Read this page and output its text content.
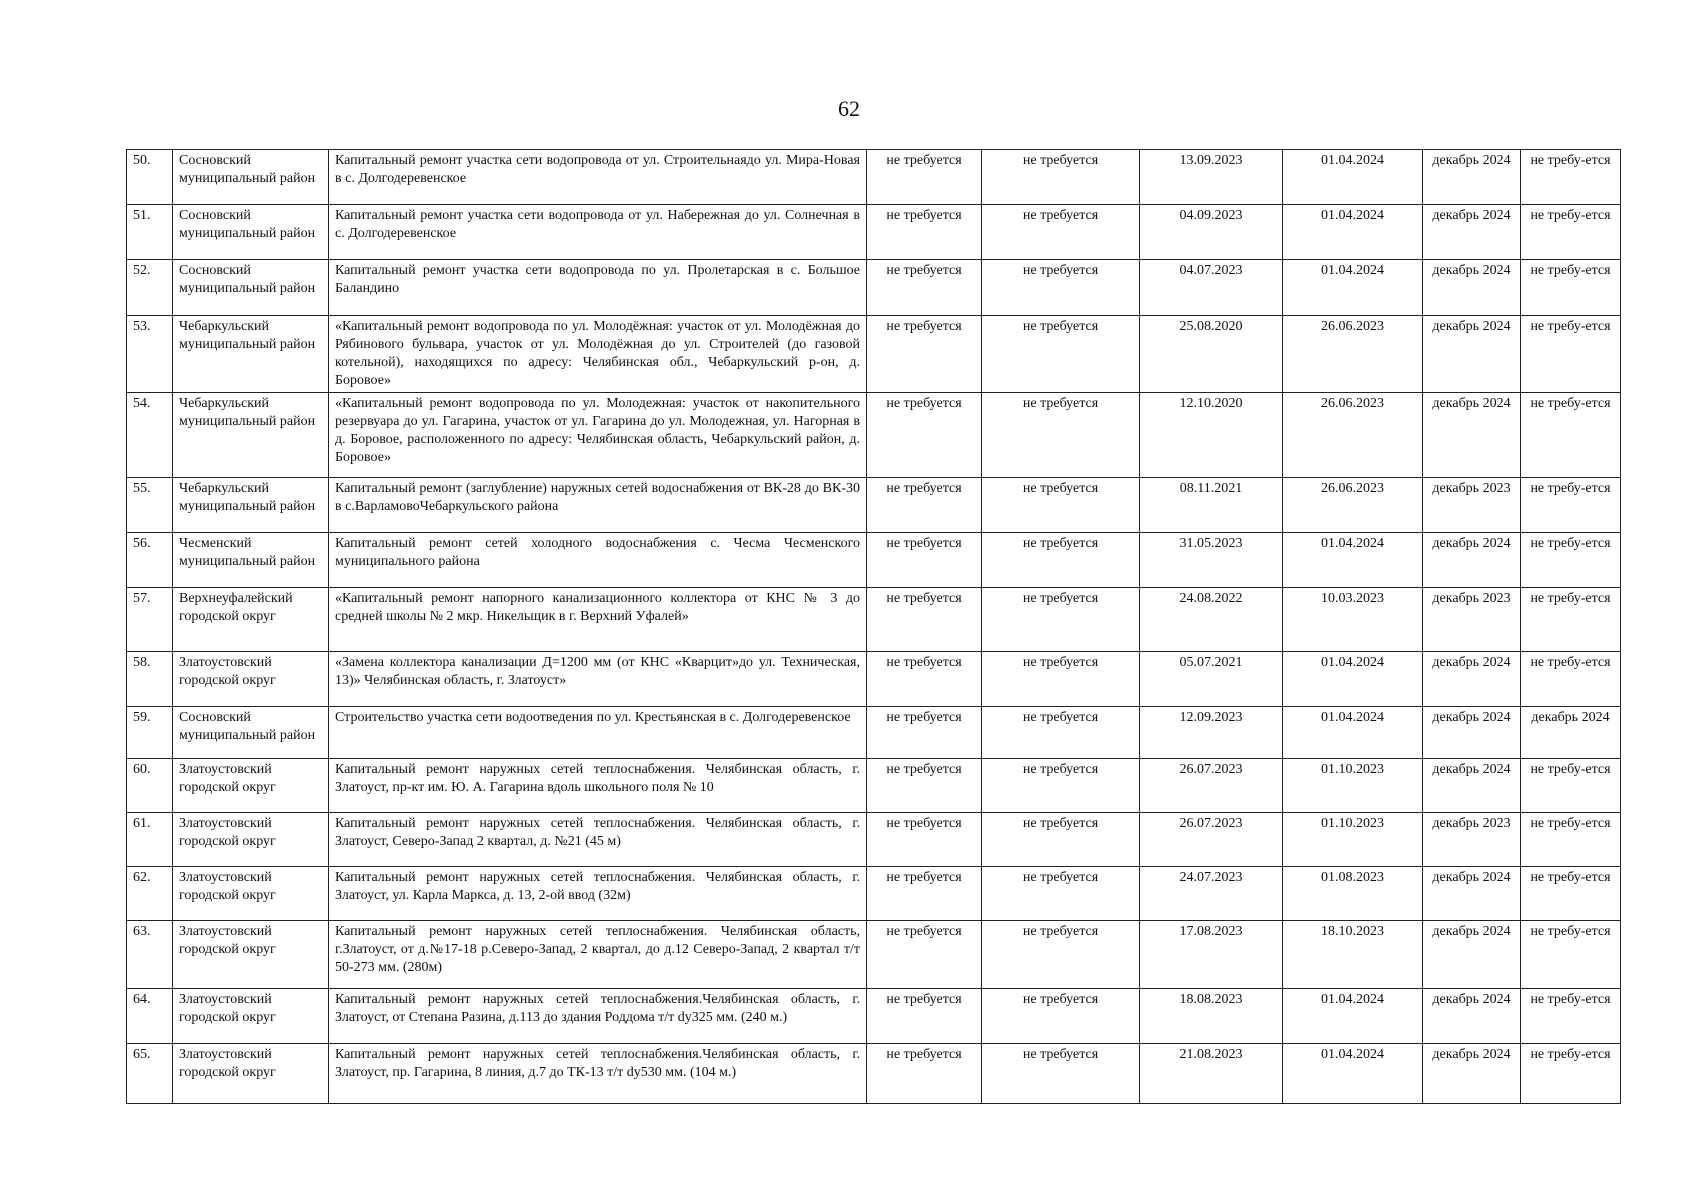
62
50.	Сосновский муниципальный район	Капитальный ремонт участка сети водопровода от ул. Строительнаядо ул. Мира-Новая в с. Долгодеревенское	не требуется	не требуется	13.09.2023	01.04.2024	декабрь 2024	не требу-ется
51.	Сосновский муниципальный район	Капитальный ремонт участка сети водопровода от ул. Набережная до ул. Солнечная в с. Долгодеревенское	не требуется	не требуется	04.09.2023	01.04.2024	декабрь 2024	не требу-ется
52.	Сосновский муниципальный район	Капитальный ремонт участка сети водопровода по ул. Пролетарская в с. Большое Баландино	не требуется	не требуется	04.07.2023	01.04.2024	декабрь 2024	не требу-ется
53.	Чебаркульский муниципальный район	«Капитальный ремонт водопровода по ул. Молодёжная: участок от ул. Молодёжная до Рябинового бульвара, участок от ул. Молодёжная до ул. Строителей (до газовой котельной), находящихся по адресу: Челябинская обл., Чебаркульский р-он, д. Боровое»	не требуется	не требуется	25.08.2020	26.06.2023	декабрь 2024	не требу-ется
54.	Чебаркульский муниципальный район	«Капитальный ремонт водопровода по ул. Молодежная: участок от накопительного резервуара до ул. Гагарина, участок от ул. Гагарина до ул. Молодежная, ул. Нагорная в д. Боровое, расположенного по адресу: Челябинская область, Чебаркульский район, д. Боровое»	не требуется	не требуется	12.10.2020	26.06.2023	декабрь 2024	не требу-ется
55.	Чебаркульский муниципальный район	Капитальный ремонт (заглубление) наружных сетей водоснабжения от ВК-28 до ВК-30 в с.ВарламовоЧебаркульского района	не требуется	не требуется	08.11.2021	26.06.2023	декабрь 2023	не требу-ется
56.	Чесменский муниципальный район	Капитальный ремонт сетей холодного водоснабжения с. Чесма Чесменского муниципального района	не требуется	не требуется	31.05.2023	01.04.2024	декабрь 2024	не требу-ется
57.	Верхнеуфалейский городской округ	«Капитальный ремонт напорного канализационного коллектора от КНС № 3 до средней школы № 2 мкр. Никельщик в г. Верхний Уфалей»	не требуется	не требуется	24.08.2022	10.03.2023	декабрь 2023	не требу-ется
58.	Златоустовский городской округ	«Замена коллектора канализации Д=1200 мм (от КНС «Кварцит»до ул. Техническая, 13)» Челябинская область, г. Златоуст»	не требуется	не требуется	05.07.2021	01.04.2024	декабрь 2024	не требу-ется
59.	Сосновский муниципальный район	Строительство участка сети водоотведения по ул. Крестьянская в с. Долгодеревенское	не требуется	не требуется	12.09.2023	01.04.2024	декабрь 2024	декабрь 2024
60.	Златоустовский городской округ	Капитальный ремонт наружных сетей теплоснабжения. Челябинская область, г. Златоуст, пр-кт им. Ю. А. Гагарина вдоль школьного поля № 10	не требуется	не требуется	26.07.2023	01.10.2023	декабрь 2024	не требу-ется
61.	Златоустовский городской округ	Капитальный ремонт наружных сетей теплоснабжения. Челябинская область, г. Златоуст, Северо-Запад 2 квартал, д. №21 (45 м)	не требуется	не требуется	26.07.2023	01.10.2023	декабрь 2023	не требу-ется
62.	Златоустовский городской округ	Капитальный ремонт наружных сетей теплоснабжения. Челябинская область, г. Златоуст, ул. Карла Маркса, д. 13, 2-ой ввод (32м)	не требуется	не требуется	24.07.2023	01.08.2023	декабрь 2024	не требу-ется
63.	Златоустовский городской округ	Капитальный ремонт наружных сетей теплоснабжения. Челябинская область, г.Златоуст, от д.№17-18 р.Северо-Запад, 2 квартал, до д.12 Северо-Запад, 2 квартал т/т 50-273 мм. (280м)	не требуется	не требуется	17.08.2023	18.10.2023	декабрь 2024	не требу-ется
64.	Златоустовский городской округ	Капитальный ремонт наружных сетей теплоснабжения.Челябинская область, г. Златоуст, от Степана Разина, д.113 до здания Роддома т/т dy325 мм. (240 м.)	не требуется	не требуется	18.08.2023	01.04.2024	декабрь 2024	не требу-ется
65.	Златоустовский городской округ	Капитальный ремонт наружных сетей теплоснабжения.Челябинская область, г. Златоуст, пр. Гагарина, 8 линия, д.7 до ТК-13 т/т dy530 мм. (104 м.)	не требуется	не требуется	21.08.2023	01.04.2024	декабрь 2024	не требу-ется
